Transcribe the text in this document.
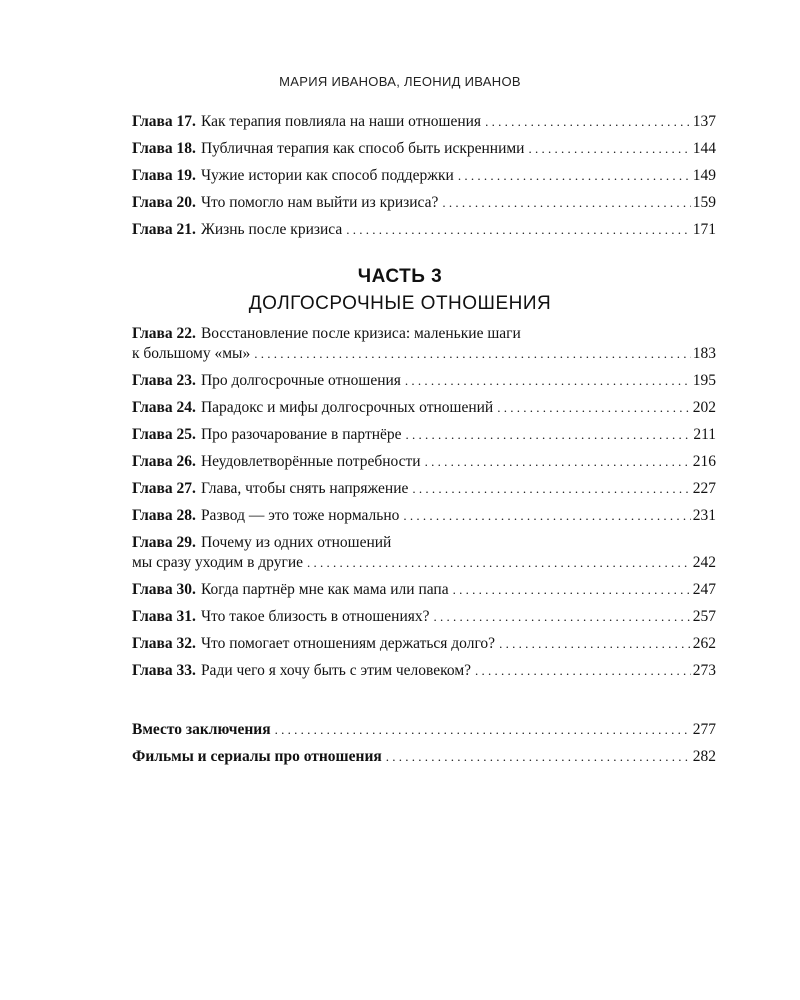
МАРИЯ ИВАНОВА, ЛЕОНИД ИВАНОВ
Глава 17. Как терапия повлияла на наши отношения . . .	137
Глава 18. Публичная терапия как способ быть искренними . . .	144
Глава 19. Чужие истории как способ поддержки . . .	149
Глава 20. Что помогло нам выйти из кризиса? . . .	159
Глава 21. Жизнь после кризиса . . .	171
ЧАСТЬ 3
ДОЛГОСРОЧНЫЕ ОТНОШЕНИЯ
Глава 22. Восстановление после кризиса: маленькие шаги
к большому «мы» . . .	183
Глава 23. Про долгосрочные отношения . . .	195
Глава 24. Парадокс и мифы долгосрочных отношений . . .	202
Глава 25. Про разочарование в партнёре . . .	211
Глава 26. Неудовлетворённые потребности . . .	216
Глава 27. Глава, чтобы снять напряжение . . .	227
Глава 28. Развод — это тоже нормально . . .	231
Глава 29. Почему из одних отношений
мы сразу уходим в другие . . .	242
Глава 30. Когда партнёр мне как мама или папа . . .	247
Глава 31. Что такое близость в отношениях? . . .	257
Глава 32. Что помогает отношениям держаться долго? . . .	262
Глава 33. Ради чего я хочу быть с этим человеком? . . .	273
Вместо заключения . . .	277
Фильмы и сериалы про отношения . . .	282
